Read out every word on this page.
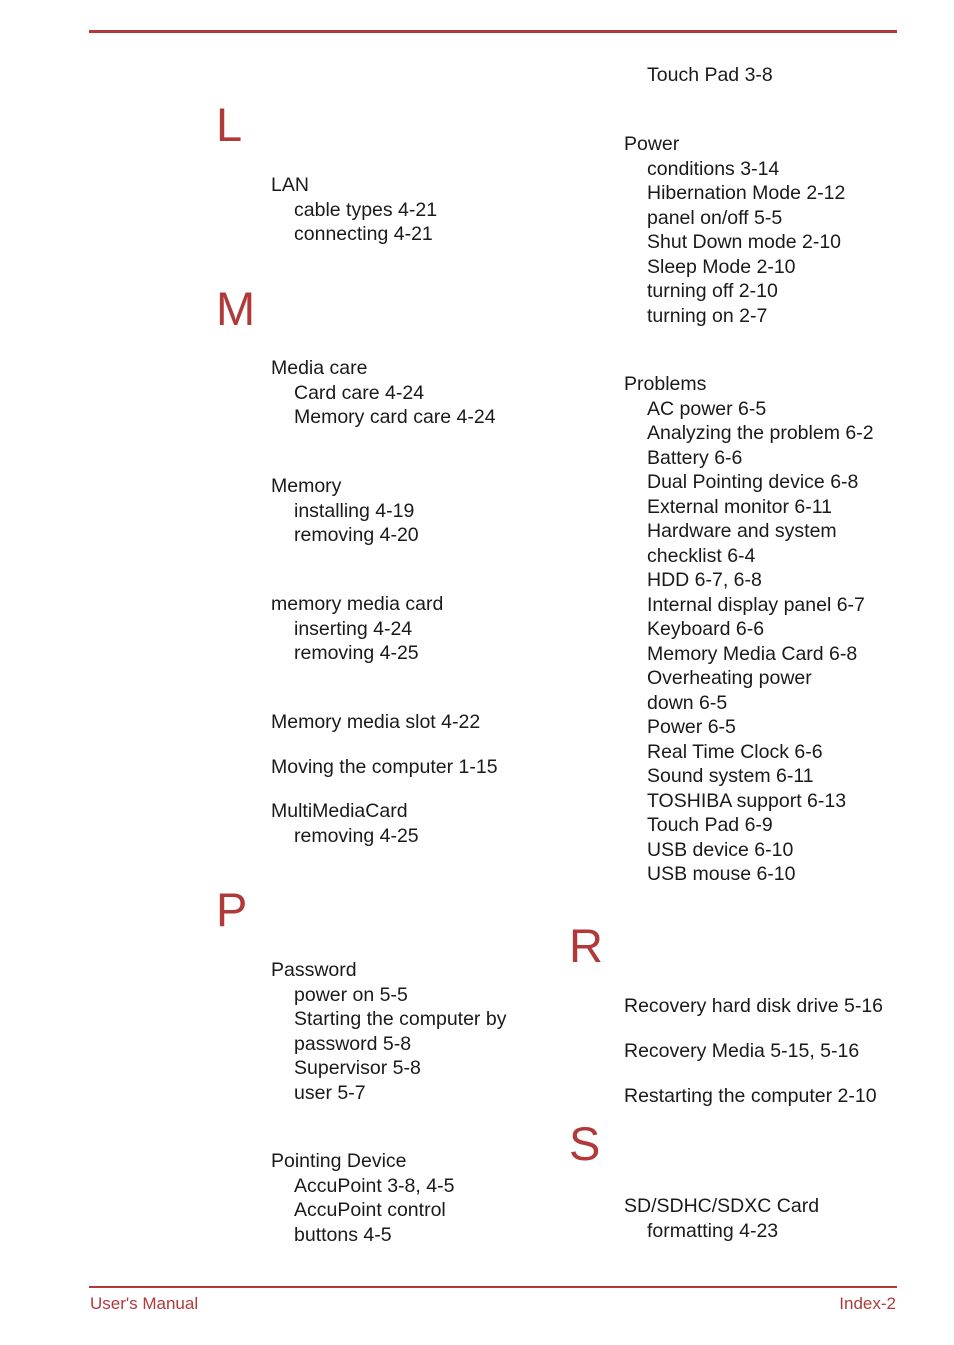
L
LAN
cable types 4-21
connecting 4-21
M
Media care
Card care 4-24
Memory card care 4-24
Memory
installing 4-19
removing 4-20
memory media card
inserting 4-24
removing 4-25
Memory media slot 4-22
Moving the computer 1-15
MultiMediaCard
removing 4-25
P
Password
power on 5-5
Starting the computer by
password 5-8
Supervisor 5-8
user 5-7
Pointing Device
AccuPoint 3-8, 4-5
AccuPoint control
buttons 4-5
Touch Pad 3-8
Power
conditions 3-14
Hibernation Mode 2-12
panel on/off 5-5
Shut Down mode 2-10
Sleep Mode 2-10
turning off 2-10
turning on 2-7
Problems
AC power 6-5
Analyzing the problem 6-2
Battery 6-6
Dual Pointing device 6-8
External monitor 6-11
Hardware and system
checklist 6-4
HDD 6-7, 6-8
Internal display panel 6-7
Keyboard 6-6
Memory Media Card 6-8
Overheating power
down 6-5
Power 6-5
Real Time Clock 6-6
Sound system 6-11
TOSHIBA support 6-13
Touch Pad 6-9
USB device 6-10
USB mouse 6-10
R
Recovery hard disk drive 5-16
Recovery Media 5-15, 5-16
Restarting the computer 2-10
S
SD/SDHC/SDXC Card
formatting 4-23
User's Manual	Index-2
